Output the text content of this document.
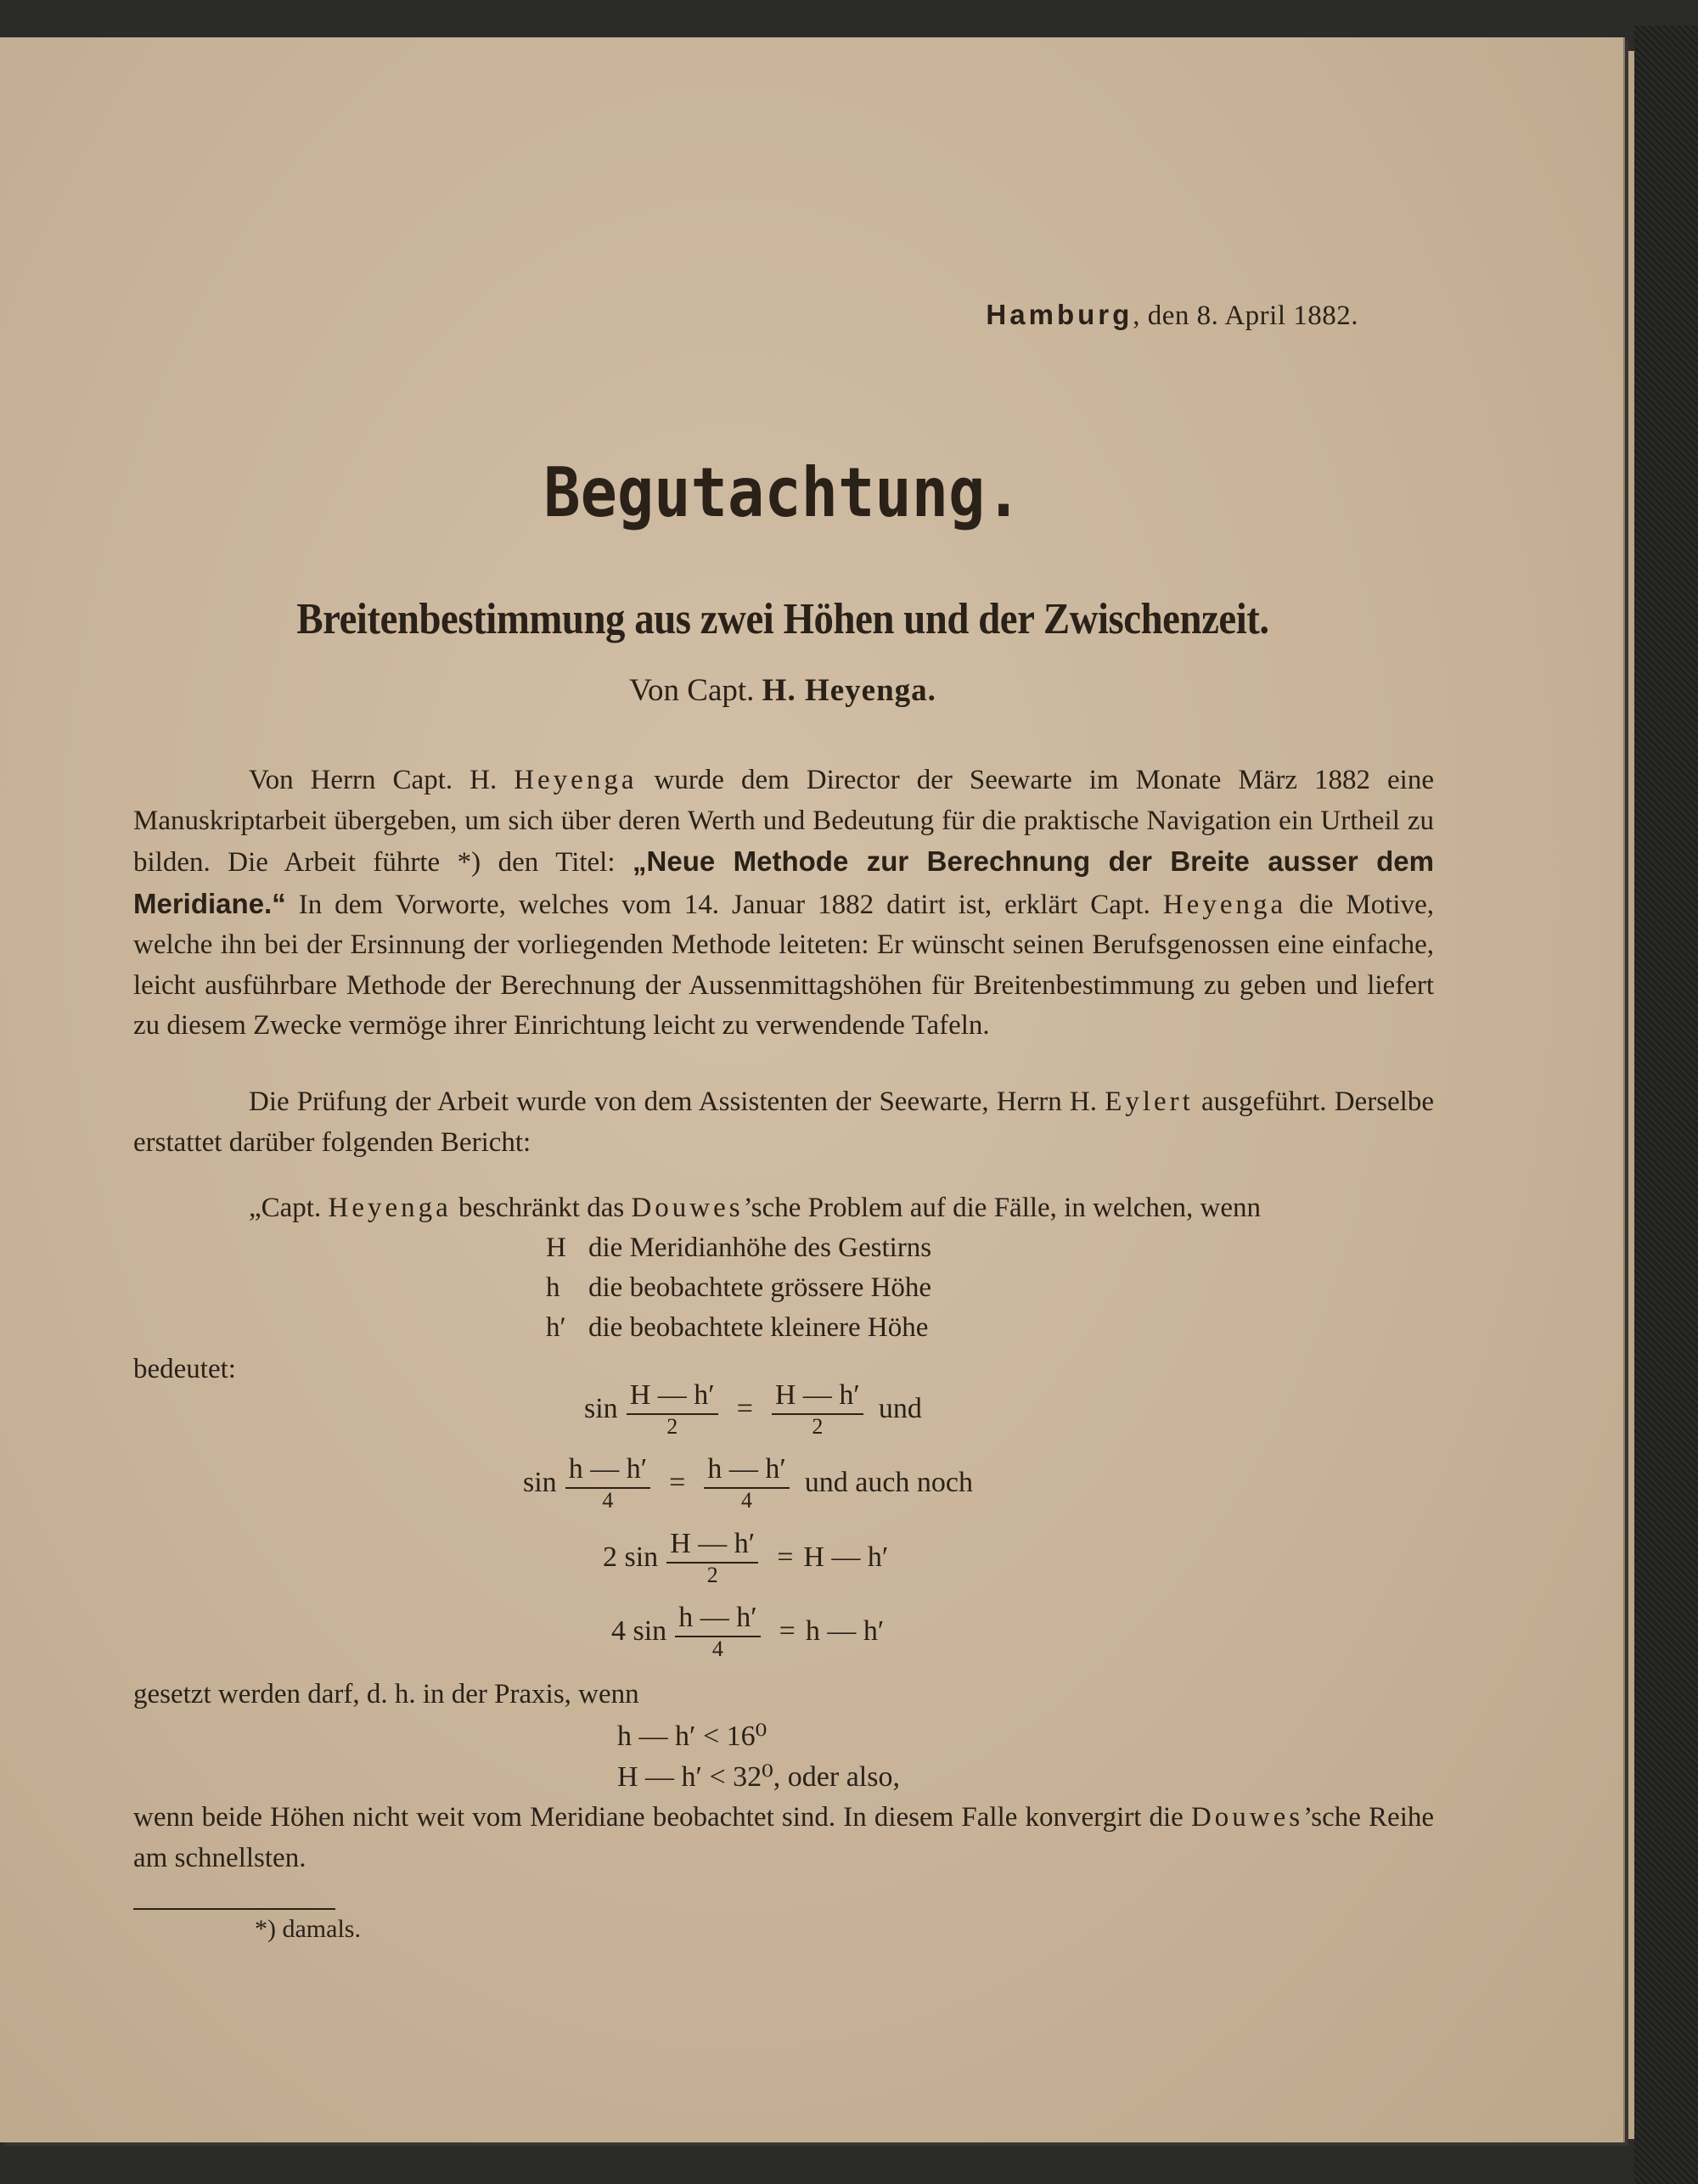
Hamburg, den 8. April 1882.
Begutachtung.
Breitenbestimmung aus zwei Höhen und der Zwischenzeit.
Von Capt. H. Heyenga.
Von Herrn Capt. H. Heyenga wurde dem Director der Seewarte im Monate März 1882 eine Manuskriptarbeit übergeben, um sich über deren Werth und Bedeutung für die praktische Navigation ein Urtheil zu bilden. Die Arbeit führte *) den Titel: „Neue Methode zur Berechnung der Breite ausser dem Meridiane.“ In dem Vorworte, welches vom 14. Januar 1882 datirt ist, erklärt Capt. Heyenga die Motive, welche ihn bei der Ersinnung der vorliegenden Methode leiteten: Er wünscht seinen Berufsgenossen eine einfache, leicht ausführbare Methode der Berechnung der Aussenmittagshöhen für Breitenbestimmung zu geben und liefert zu diesem Zwecke vermöge ihrer Einrichtung leicht zu verwendende Tafeln.
Die Prüfung der Arbeit wurde von dem Assistenten der Seewarte, Herrn H. Eylert ausgeführt. Derselbe erstattet darüber folgenden Bericht:
„Capt. Heyenga beschränkt das Douwes’sche Problem auf die Fälle, in welchen, wenn
H die Meridianhöhe des Gestirns
h die beobachtete grössere Höhe
h′ die beobachtete kleinere Höhe
bedeutet:
$\sin \frac{H — h'}{2} = \frac{H — h'}{2}$ und
$\sin \frac{h — h'}{4} = \frac{h — h'}{4}$ und auch noch
2 $\sin \frac{H — h'}{2} = H$ — h′
4 $\sin \frac{h — h'}{4} = h$ — h′
gesetzt werden darf, d. h. in der Praxis, wenn
h — h′ < 16⁰
H — h′ < 32⁰, oder also,
wenn beide Höhen nicht weit vom Meridiane beobachtet sind. In diesem Falle konvergirt die Douwes’sche Reihe am schnellsten.
*) damals.
